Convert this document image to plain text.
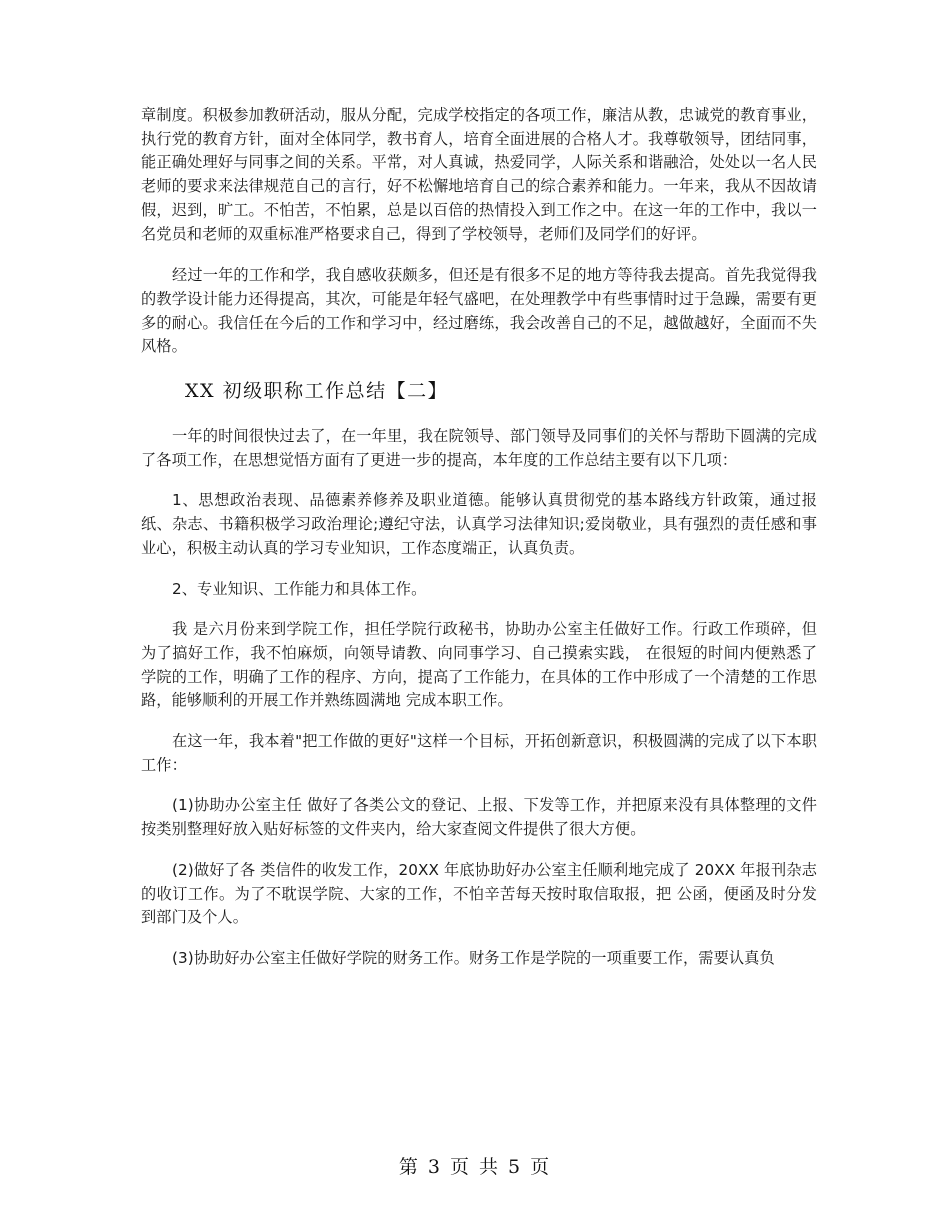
章制度。积极参加教研活动，服从分配，完成学校指定的各项工作，廉洁从教，忠诚党的教育事业，执行党的教育方针，面对全体同学，教书育人，培育全面进展的合格人才。我尊敬领导，团结同事，能正确处理好与同事之间的关系。平常，对人真诚，热爱同学，人际关系和谐融洽，处处以一名人民老师的要求来法律规范自己的言行，好不松懈地培育自己的综合素养和能力。一年来，我从不因故请假，迟到，旷工。不怕苦，不怕累，总是以百倍的热情投入到工作之中。在这一年的工作中，我以一名党员和老师的双重标准严格要求自己，得到了学校领导，老师们及同学们的好评。

经过一年的工作和学，我自感收获颇多，但还是有很多不足的地方等待我去提高。首先我觉得我的教学设计能力还得提高，其次，可能是年轻气盛吧，在处理教学中有些事情时过于急躁，需要有更多的耐心。我信任在今后的工作和学习中，经过磨练，我会改善自己的不足，越做越好，全面而不失风格。

XX 初级职称工作总结【二】

一年的时间很快过去了，在一年里，我在院领导、部门领导及同事们的关怀与帮助下圆满的完成了各项工作，在思想觉悟方面有了更进一步的提高，本年度的工作总结主要有以下几项：

1、思想政治表现、品德素养修养及职业道德。能够认真贯彻党的基本路线方针政策，通过报纸、杂志、书籍积极学习政治理论;遵纪守法，认真学习法律知识;爱岗敬业，具有强烈的责任感和事业心，积极主动认真的学习专业知识，工作态度端正，认真负责。

2、专业知识、工作能力和具体工作。

我 是六月份来到学院工作，担任学院行政秘书，协助办公室主任做好工作。行政工作琐碎，但为了搞好工作，我不怕麻烦，向领导请教、向同事学习、自己摸索实践， 在很短的时间内便熟悉了学院的工作，明确了工作的程序、方向，提高了工作能力，在具体的工作中形成了一个清楚的工作思路，能够顺利的开展工作并熟练圆满地 完成本职工作。

在这一年，我本着"把工作做的更好"这样一个目标，开拓创新意识，积极圆满的完成了以下本职工作：

(1)协助办公室主任 做好了各类公文的登记、上报、下发等工作，并把原来没有具体整理的文件按类别整理好放入贴好标签的文件夹内，给大家查阅文件提供了很大方便。

(2)做好了各 类信件的收发工作，20XX 年底协助好办公室主任顺利地完成了 20XX 年报刊杂志的收订工作。为了不耽误学院、大家的工作，不怕辛苦每天按时取信取报，把 公函，便函及时分发到部门及个人。

(3)协助好办公室主任做好学院的财务工作。财务工作是学院的一项重要工作，需要认真负

第 3 页 共 5 页
